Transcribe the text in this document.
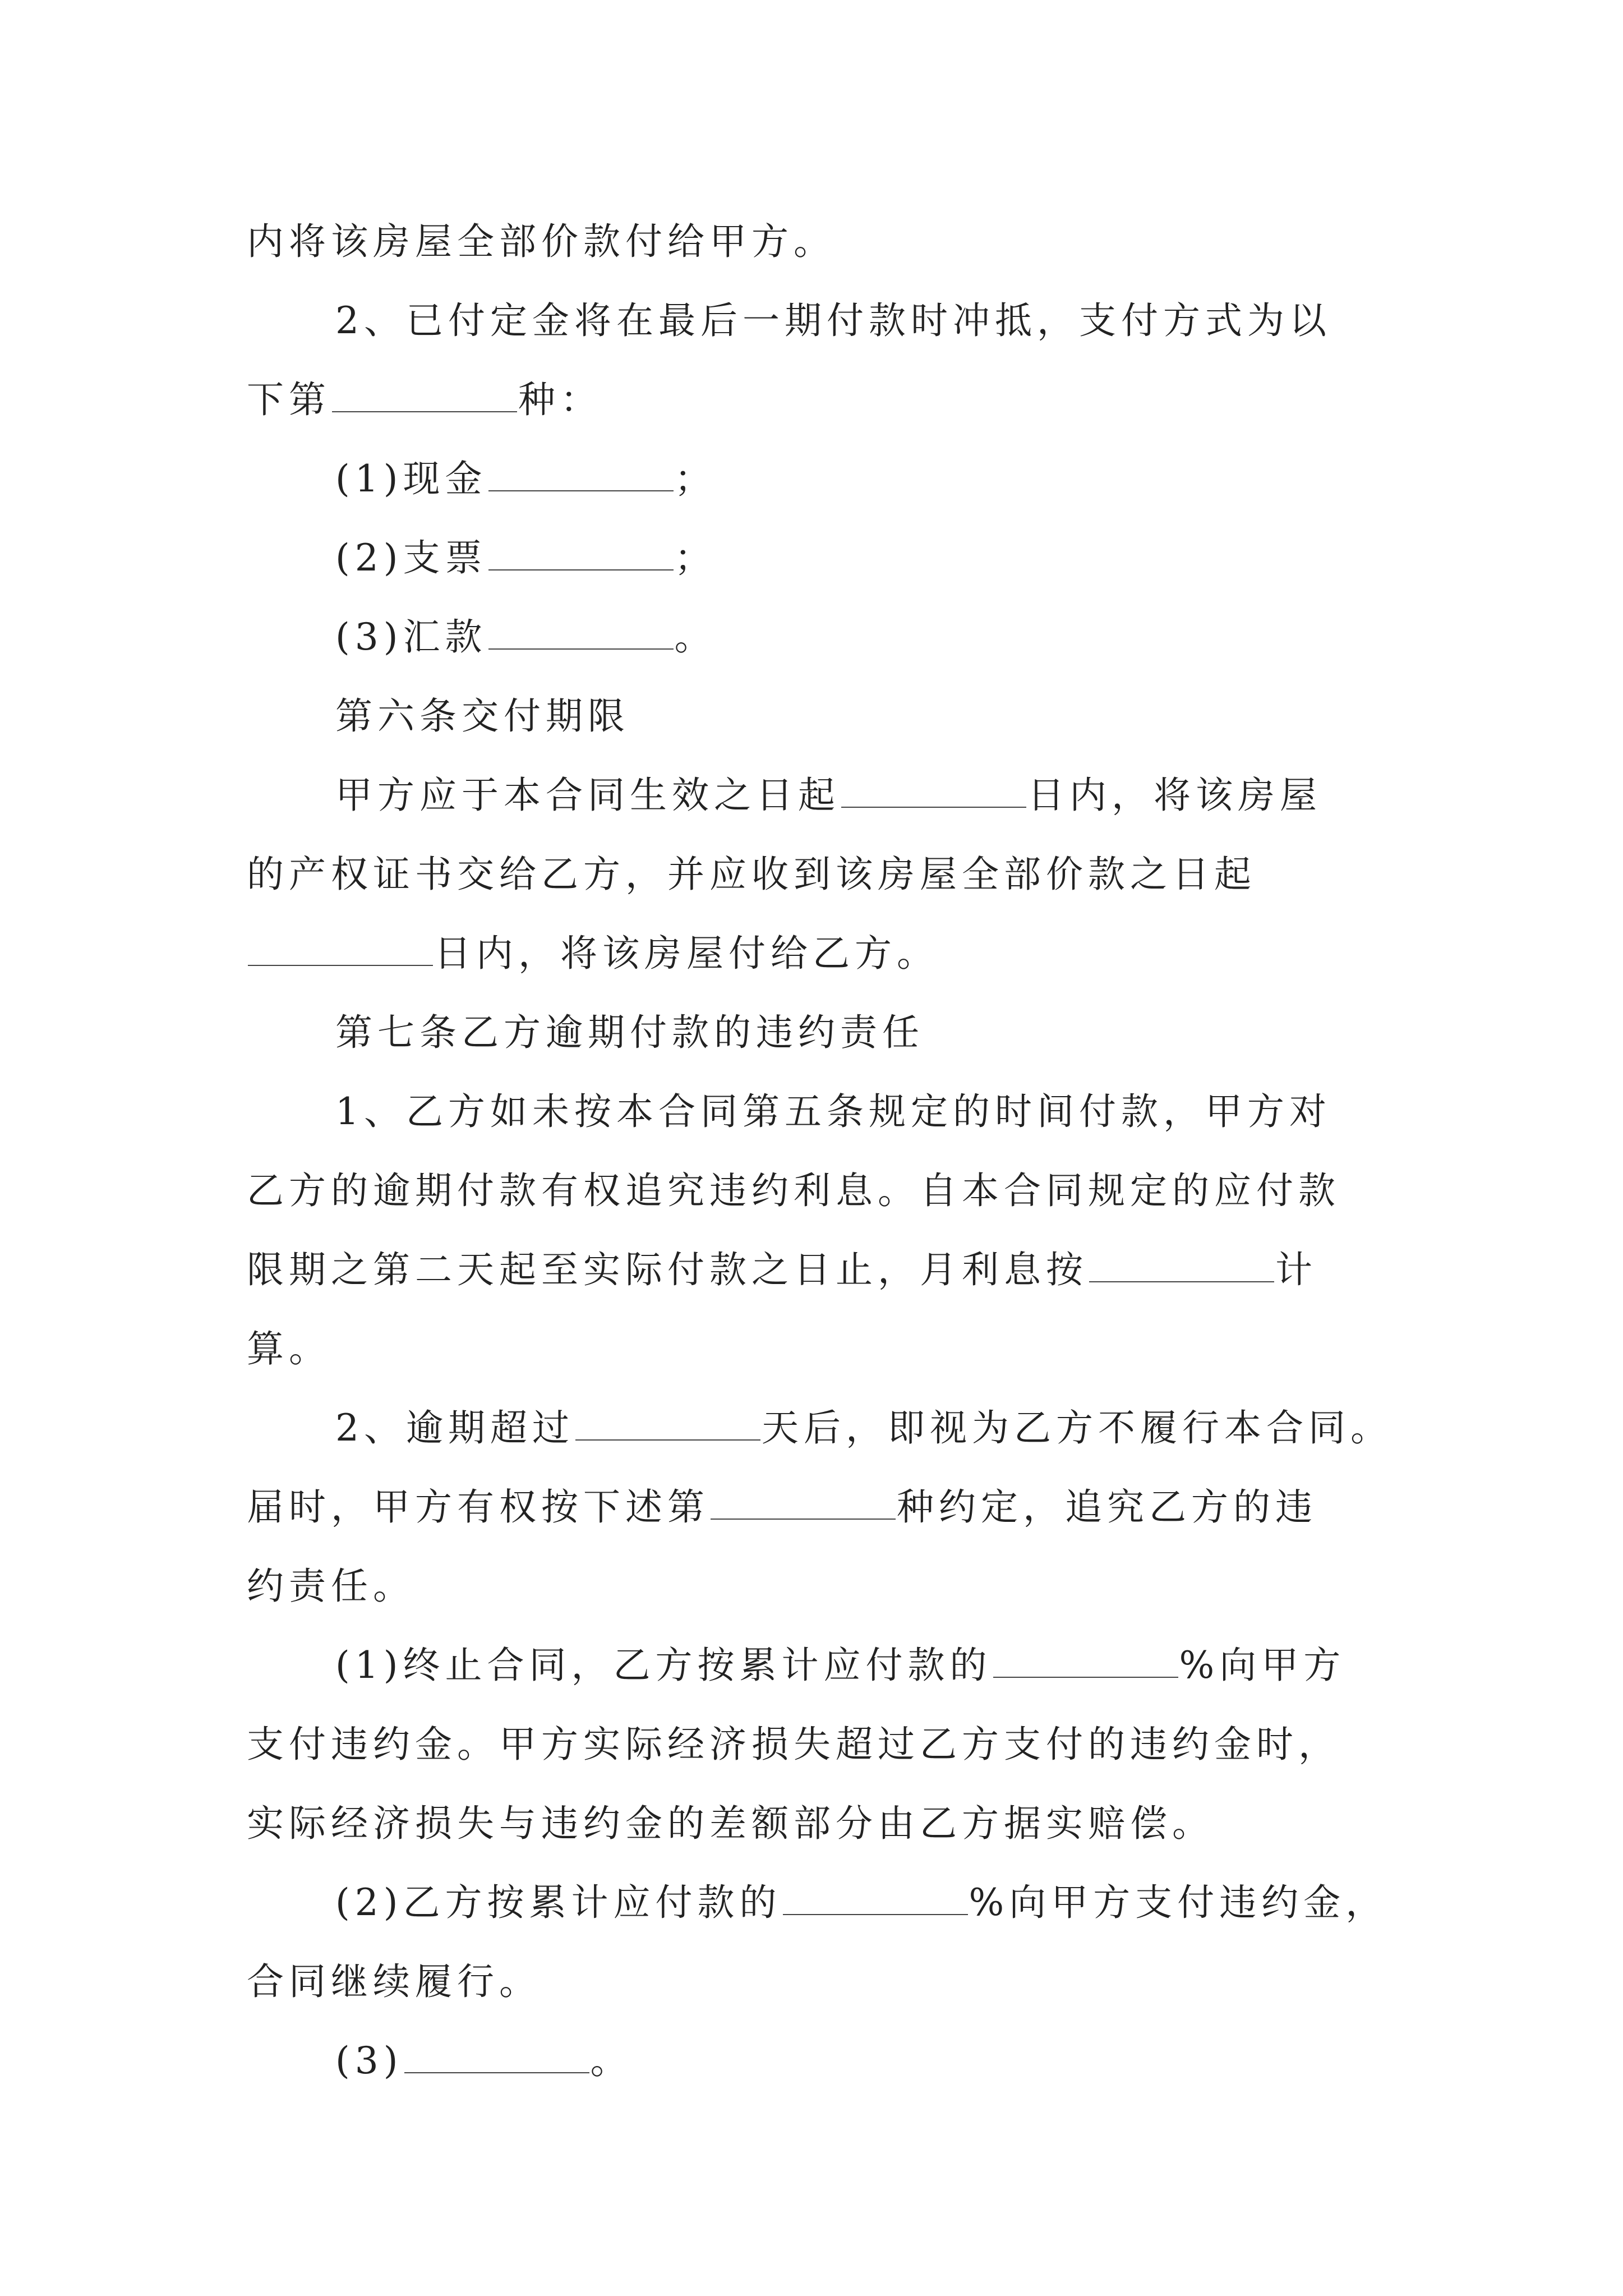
内将该房屋全部价款付给甲方。
2、已付定金将在最后一期付款时冲抵，支付方式为以
下第	种：
(1)现金	；
(2)支票	；
(3)汇款	。
第六条交付期限
甲方应于本合同生效之日起	日内，将该房屋
的产权证书交给乙方，并应收到该房屋全部价款之日起
日内，将该房屋付给乙方。
第七条乙方逾期付款的违约责任
1、乙方如未按本合同第五条规定的时间付款，甲方对
乙方的逾期付款有权追究违约利息。自本合同规定的应付款
限期之第二天起至实际付款之日止，月利息按	计
算。
2、逾期超过	天后，即视为乙方不履行本合同。
届时，甲方有权按下述第	种约定，追究乙方的违
约责任。
(1)终止合同，乙方按累计应付款的	%向甲方
支付违约金。甲方实际经济损失超过乙方支付的违约金时，
实际经济损失与违约金的差额部分由乙方据实赔偿。
(2)乙方按累计应付款的	%向甲方支付违约金，
合同继续履行。
(3)	。
